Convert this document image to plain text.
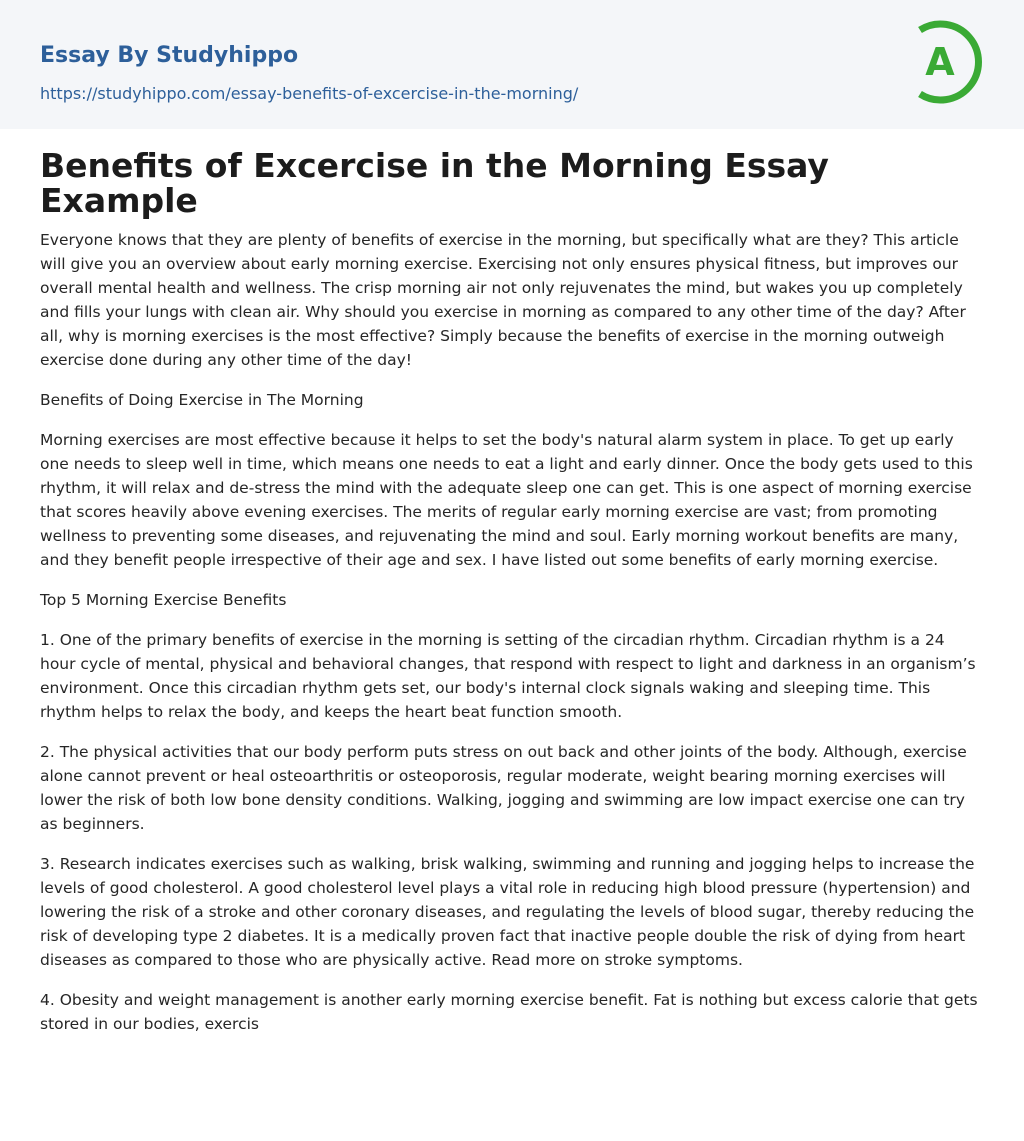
Essay By Studyhippo
https://studyhippo.com/essay-benefits-of-excercise-in-the-morning/
A
Benefits of Excercise in the Morning Essay Example

Everyone knows that they are plenty of benefits of exercise in the morning, but specifically what are they? This article will give you an overview about early morning exercise. Exercising not only ensures physical fitness, but improves our overall mental health and wellness. The crisp morning air not only rejuvenates the mind, but wakes you up completely and fills your lungs with clean air. Why should you exercise in morning as compared to any other time of the day? After all, why is morning exercises is the most effective? Simply because the benefits of exercise in the morning outweigh exercise done during any other time of the day!

Benefits of Doing Exercise in The Morning

Morning exercises are most effective because it helps to set the body's natural alarm system in place. To get up early one needs to sleep well in time, which means one needs to eat a light and early dinner. Once the body gets used to this rhythm, it will relax and de-stress the mind with the adequate sleep one can get. This is one aspect of morning exercise that scores heavily above evening exercises. The merits of regular early morning exercise are vast; from promoting wellness to preventing some diseases, and rejuvenating the mind and soul. Early morning workout benefits are many, and they benefit people irrespective of their age and sex. I have listed out some benefits of early morning exercise.

Top 5 Morning Exercise Benefits

1. One of the primary benefits of exercise in the morning is setting of the circadian rhythm. Circadian rhythm is a 24 hour cycle of mental, physical and behavioral changes, that respond with respect to light and darkness in an organism’s environment. Once this circadian rhythm gets set, our body's internal clock signals waking and sleeping time. This rhythm helps to relax the body, and keeps the heart beat function smooth.

2. The physical activities that our body perform puts stress on out back and other joints of the body. Although, exercise alone cannot prevent or heal osteoarthritis or osteoporosis, regular moderate, weight bearing morning exercises will lower the risk of both low bone density conditions. Walking, jogging and swimming are low impact exercise one can try as beginners.

3. Research indicates exercises such as walking, brisk walking, swimming and running and jogging helps to increase the levels of good cholesterol. A good cholesterol level plays a vital role in reducing high blood pressure (hypertension) and lowering the risk of a stroke and other coronary diseases, and regulating the levels of blood sugar, thereby reducing the risk of developing type 2 diabetes. It is a medically proven fact that inactive people double the risk of dying from heart diseases as compared to those who are physically active. Read more on stroke symptoms.

4. Obesity and weight management is another early morning exercise benefit. Fat is nothing but excess calorie that gets stored in our bodies, exercis
